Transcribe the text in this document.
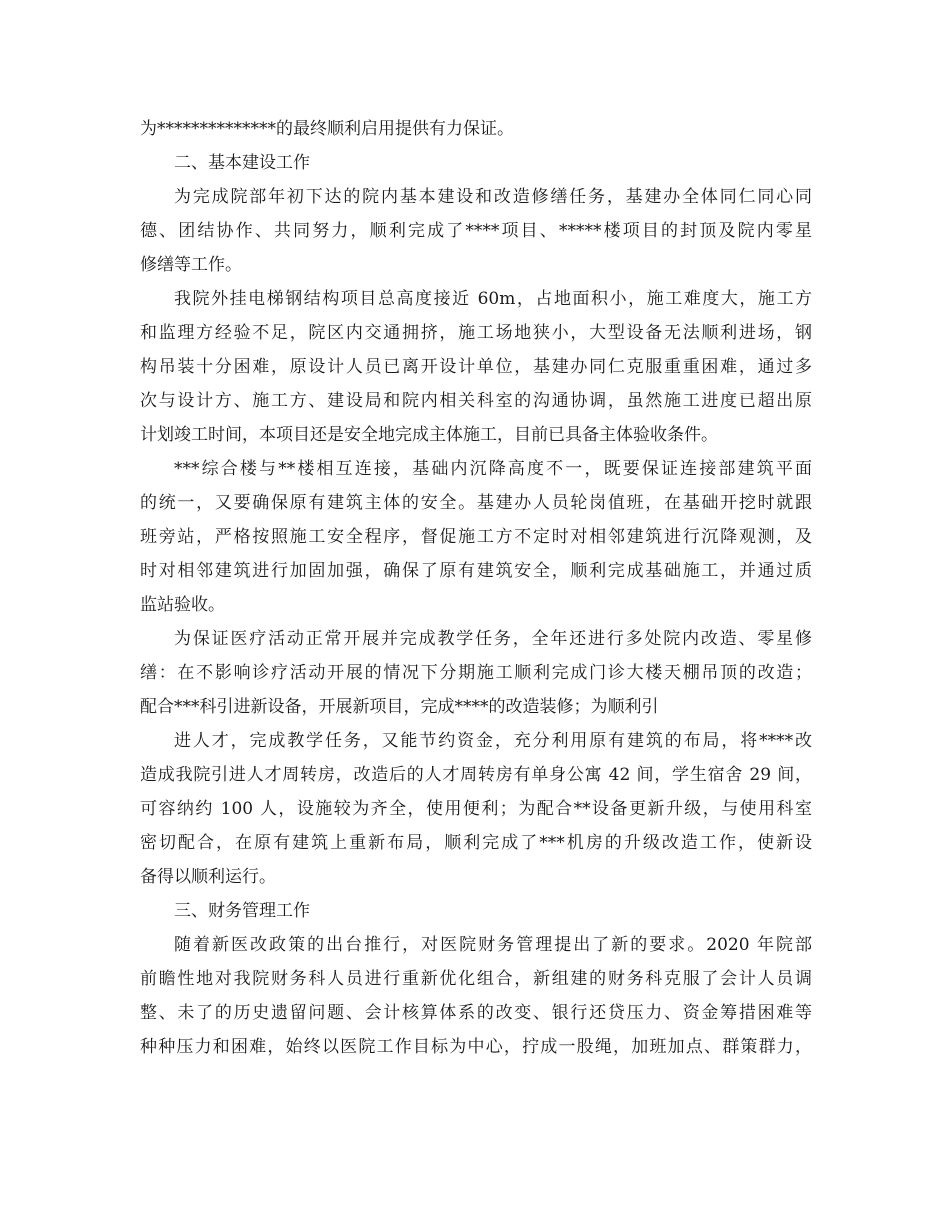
为**************的最终顺利启用提供有力保证。
二、基本建设工作
为完成院部年初下达的院内基本建设和改造修缮任务，基建办全体同仁同心同
德、团结协作、共同努力，顺利完成了****项目、*****楼项目的封顶及院内零星
修缮等工作。
我院外挂电梯钢结构项目总高度接近 60m，占地面积小，施工难度大，施工方
和监理方经验不足，院区内交通拥挤，施工场地狭小，大型设备无法顺利进场，钢
构吊装十分困难，原设计人员已离开设计单位，基建办同仁克服重重困难，通过多
次与设计方、施工方、建设局和院内相关科室的沟通协调，虽然施工进度已超出原
计划竣工时间，本项目还是安全地完成主体施工，目前已具备主体验收条件。
***综合楼与**楼相互连接，基础内沉降高度不一，既要保证连接部建筑平面
的统一，又要确保原有建筑主体的安全。基建办人员轮岗值班，在基础开挖时就跟
班旁站，严格按照施工安全程序，督促施工方不定时对相邻建筑进行沉降观测，及
时对相邻建筑进行加固加强，确保了原有建筑安全，顺利完成基础施工，并通过质
监站验收。
为保证医疗活动正常开展并完成教学任务，全年还进行多处院内改造、零星修
缮：在不影响诊疗活动开展的情况下分期施工顺利完成门诊大楼天棚吊顶的改造；
配合***科引进新设备，开展新项目，完成****的改造装修；为顺利引
进人才，完成教学任务，又能节约资金，充分利用原有建筑的布局，将****改
造成我院引进人才周转房，改造后的人才周转房有单身公寓 42 间，学生宿舍 29 间，
可容纳约 100 人，设施较为齐全，使用便利；为配合**设备更新升级，与使用科室
密切配合，在原有建筑上重新布局，顺利完成了***机房的升级改造工作，使新设
备得以顺利运行。
三、财务管理工作
随着新医改政策的出台推行，对医院财务管理提出了新的要求。2020 年院部
前瞻性地对我院财务科人员进行重新优化组合，新组建的财务科克服了会计人员调
整、未了的历史遗留问题、会计核算体系的改变、银行还贷压力、资金筹措困难等
种种压力和困难，始终以医院工作目标为中心，拧成一股绳，加班加点、群策群力，
